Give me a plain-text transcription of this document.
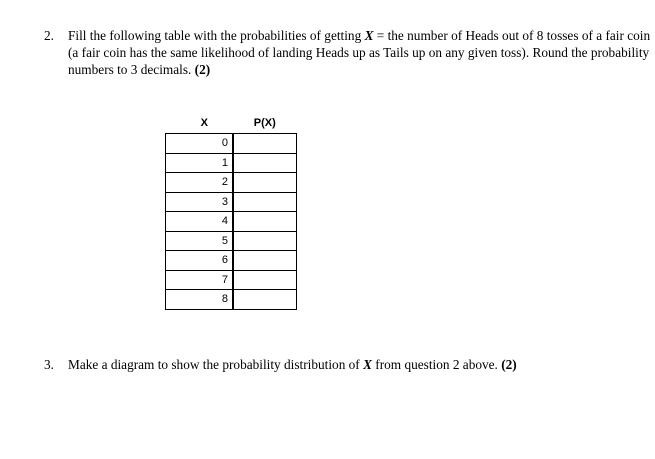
2. Fill the following table with the probabilities of getting X = the number of Heads out of 8 tosses of a fair coin (a fair coin has the same likelihood of landing Heads up as Tails up on any given toss). Round the probability numbers to 3 decimals. (2)
X	P(X)
0	
1	
2	
3	
4	
5	
6	
7	
8	
3. Make a diagram to show the probability distribution of X from question 2 above. (2)
